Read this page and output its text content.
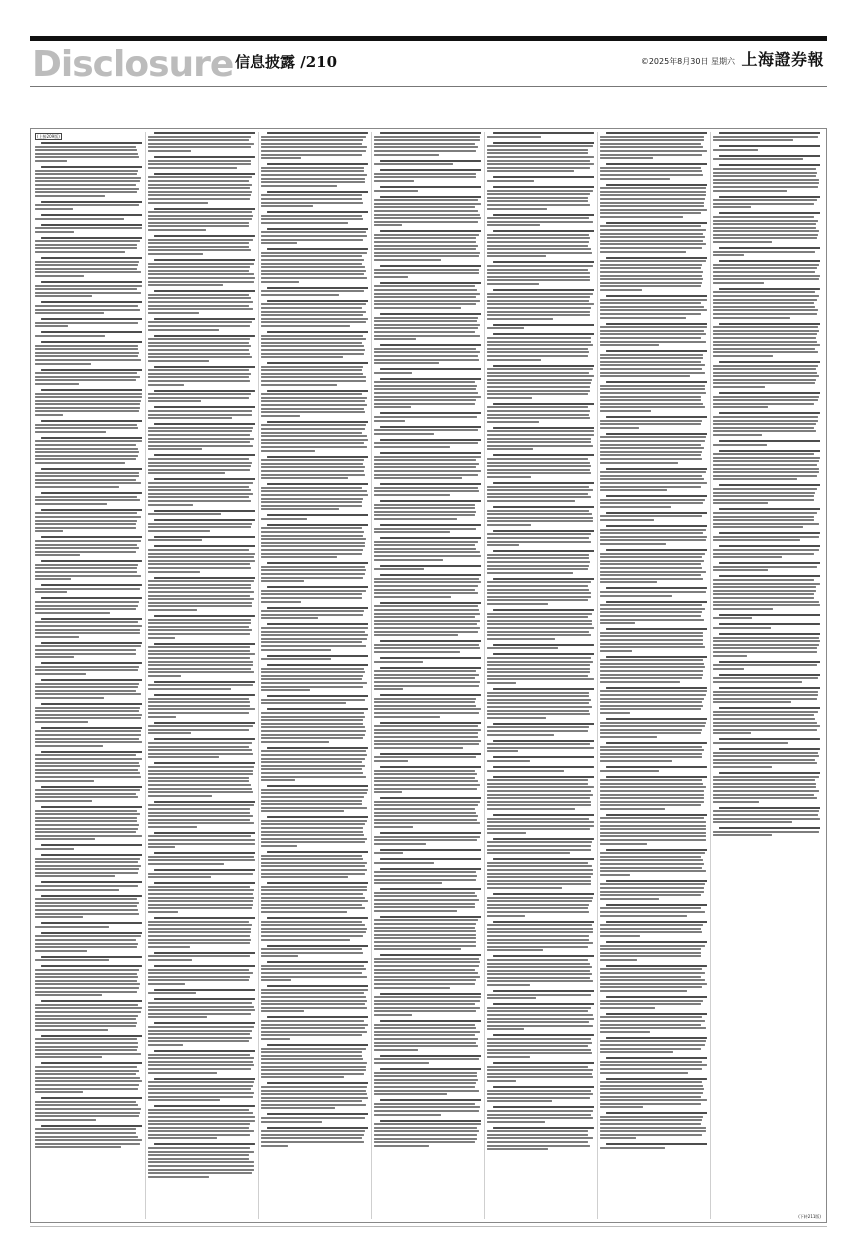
Disclosure 信息披露 /210	©2025年8月30日 星期六 上海證券報
(上接209版)
(下转211版)
